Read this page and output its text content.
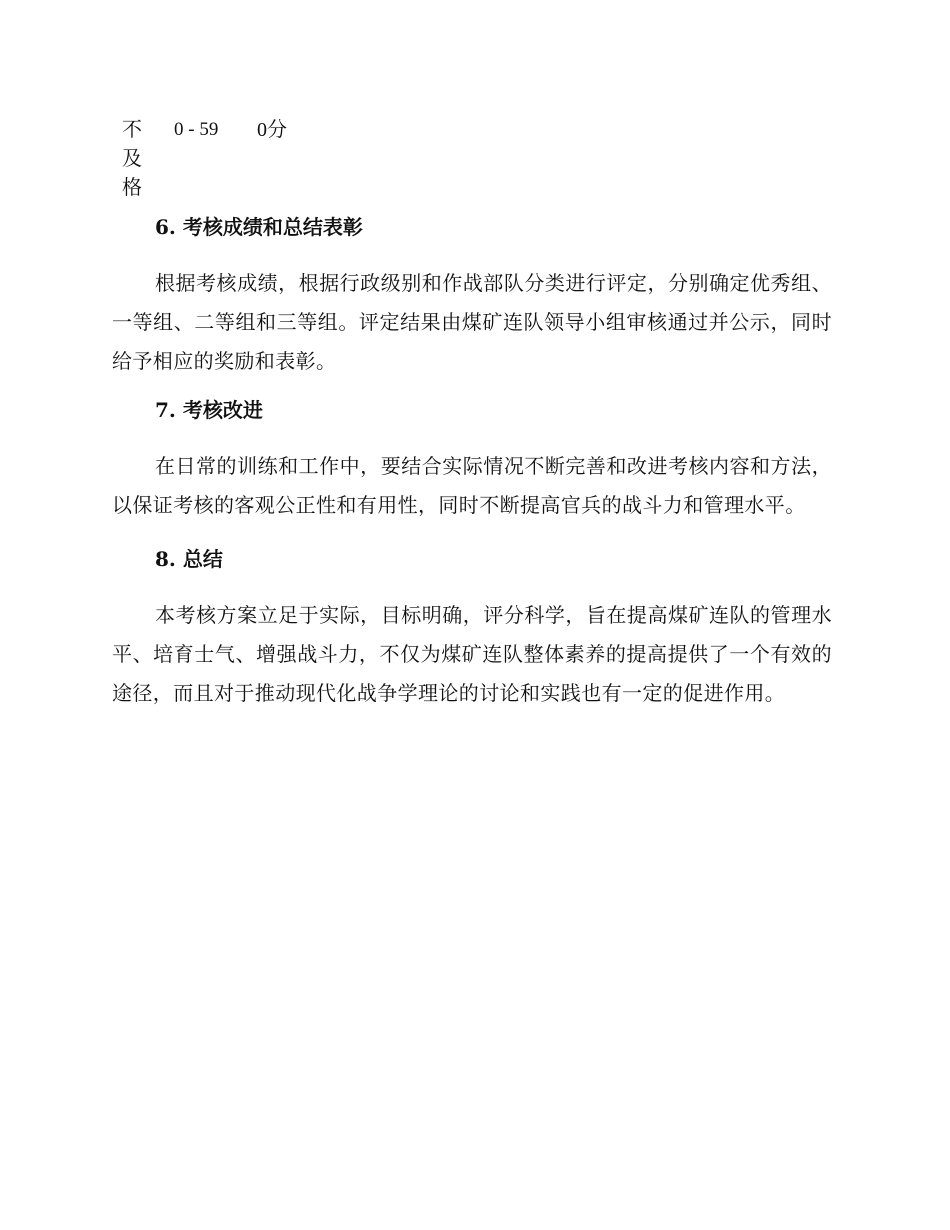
不及格
0 - 59 0分
6. 考核成绩和总结表彰

根据考核成绩，根据行政级别和作战部队分类进行评定，分别确定优秀组、一等组、二等组和三等组。评定结果由煤矿连队领导小组审核通过并公示，同时给予相应的奖励和表彰。

7. 考核改进

在日常的训练和工作中，要结合实际情况不断完善和改进考核内容和方法，以保证考核的客观公正性和有用性，同时不断提高官兵的战斗力和管理水平。

8. 总结

本考核方案立足于实际，目标明确，评分科学，旨在提高煤矿连队的管理水平、培育士气、增强战斗力，不仅为煤矿连队整体素养的提高提供了一个有效的途径，而且对于推动现代化战争学理论的讨论和实践也有一定的促进作用。
